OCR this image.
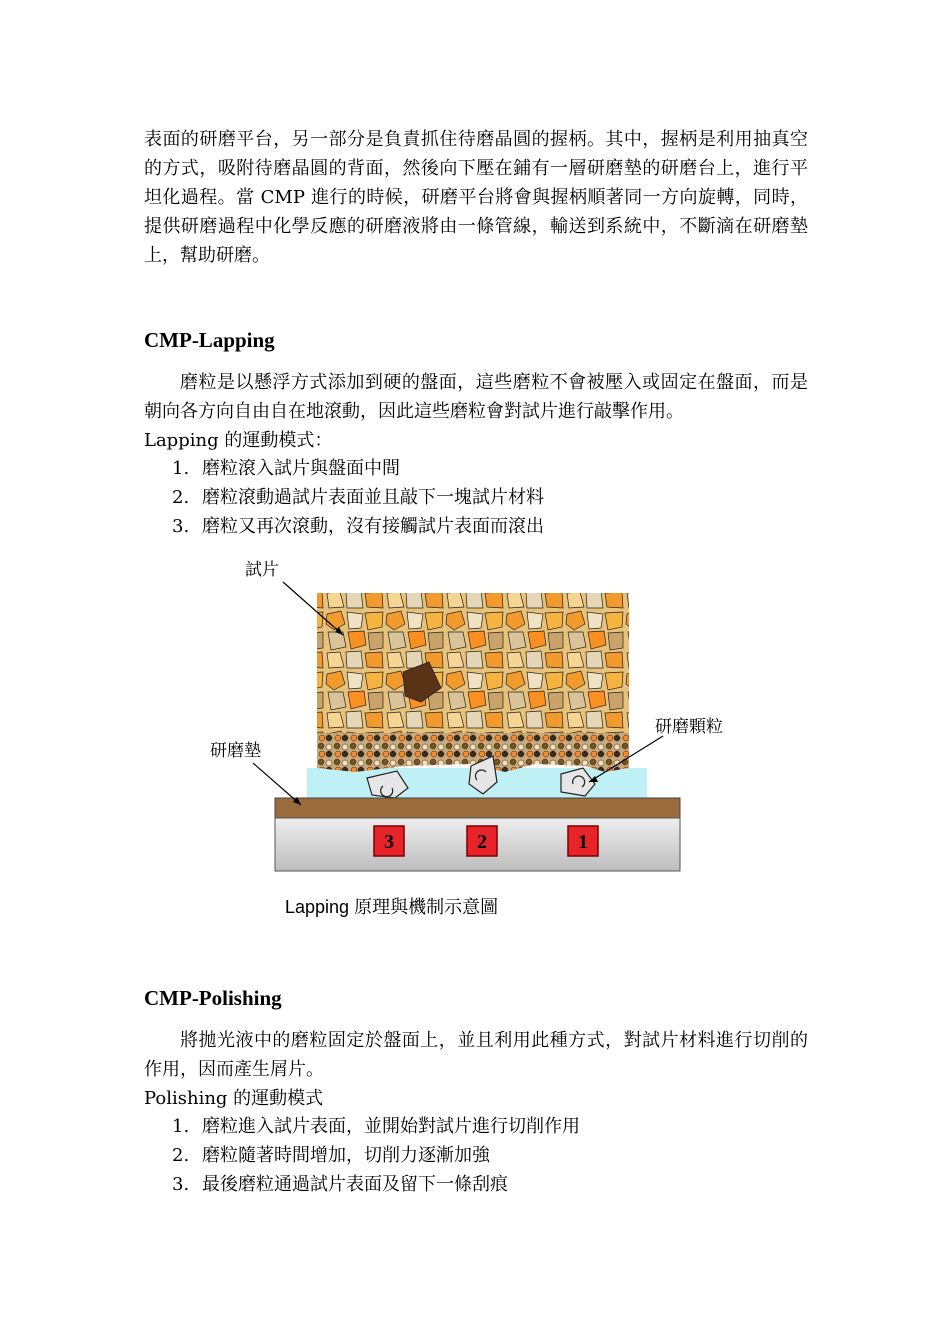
表面的研磨平台，另一部分是負責抓住待磨晶圓的握柄。其中，握柄是利用抽真空的方式，吸附待磨晶圓的背面，然後向下壓在鋪有一層研磨墊的研磨台上，進行平坦化過程。當 CMP 進行的時候，研磨平台將會與握柄順著同一方向旋轉，同時，提供研磨過程中化學反應的研磨液將由一條管線，輸送到系統中，不斷滴在研磨墊上，幫助研磨。

CMP-Lapping

磨粒是以懸浮方式添加到硬的盤面，這些磨粒不會被壓入或固定在盤面，而是朝向各方向自由自在地滾動，因此這些磨粒會對試片進行敲擊作用。

Lapping 的運動模式：

1. 磨粒滾入試片與盤面中間
2. 磨粒滾動過試片表面並且敲下一塊試片材料
3. 磨粒又再次滾動，沒有接觸試片表面而滾出
試片
研磨墊
研磨顆粒
3	2	1
Lapping 原理與機制示意圖
CMP-Polishing

將拋光液中的磨粒固定於盤面上，並且利用此種方式，對試片材料進行切削的作用，因而產生屑片。

Polishing 的運動模式

1. 磨粒進入試片表面，並開始對試片進行切削作用
2. 磨粒隨著時間增加，切削力逐漸加強
3. 最後磨粒通過試片表面及留下一條刮痕
